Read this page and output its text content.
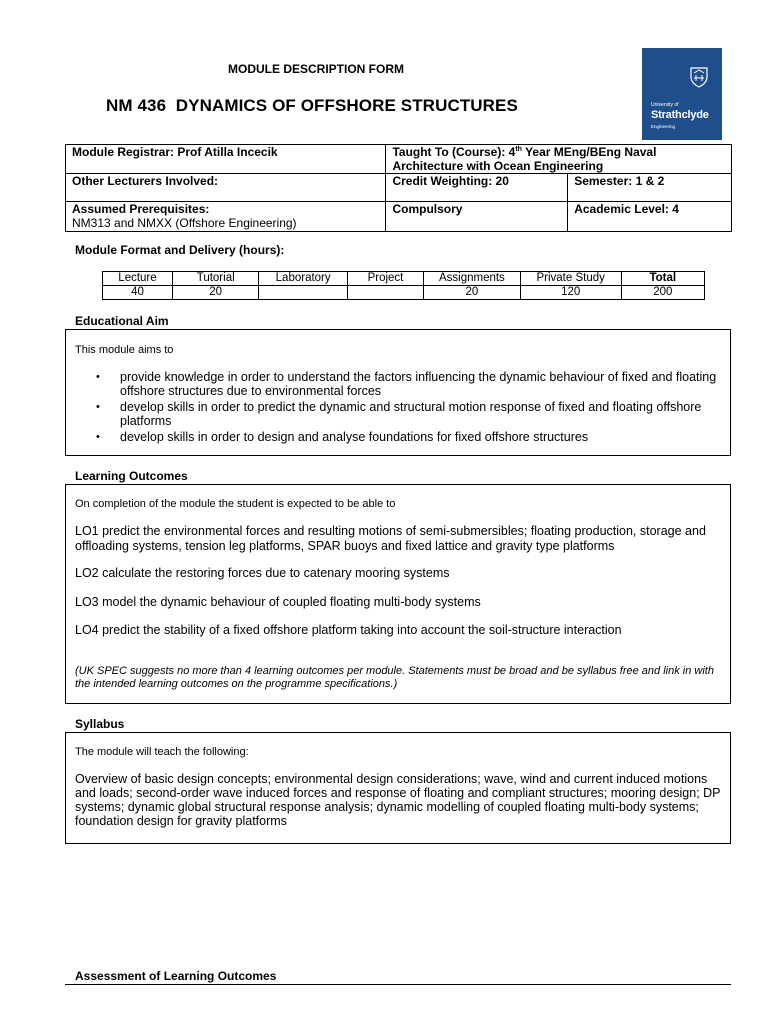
MODULE DESCRIPTION FORM
NM 436  DYNAMICS OF OFFSHORE STRUCTURES	University of
Strathclyde
Engineering
Module Registrar: Prof Atilla Incecik	Taught To (Course): 4th Year MEng/BEng Naval
Architecture with Ocean Engineering	
Other Lecturers Involved:	Credit Weighting: 20	Semester: 1 & 2
Assumed Prerequisites:
NM313 and NMXX (Offshore Engineering)	Compulsory	Academic Level: 4
Module Format and Delivery (hours):
Lecture	Tutorial	Laboratory	Project	Assignments	Private Study	Total
40	20			20	120	200
Educational Aim
This module aims to
• provide knowledge in order to understand the factors influencing the dynamic behaviour of fixed and floating offshore structures due to environmental forces
• develop skills in order to predict the dynamic and structural motion response of fixed and floating offshore platforms
• develop skills in order to design and analyse foundations for fixed offshore structures
Learning Outcomes
On completion of the module the student is expected to be able to
LO1 predict the environmental forces and resulting motions of semi-submersibles; floating production, storage and offloading systems, tension leg platforms, SPAR buoys and fixed lattice and gravity type platforms
LO2 calculate the restoring forces due to catenary mooring systems
LO3 model the dynamic behaviour of coupled floating multi-body systems
LO4 predict the stability of a fixed offshore platform taking into account the soil-structure interaction
(UK SPEC suggests no more than 4 learning outcomes per module. Statements must be broad and be syllabus free and link in with the intended learning outcomes on the programme specifications.)
Syllabus
The module will teach the following:
Overview of basic design concepts; environmental design considerations; wave, wind and current induced motions and loads; second-order wave induced forces and response of floating and compliant structures; mooring design; DP systems; dynamic global structural response analysis; dynamic modelling of coupled floating multi-body systems; foundation design for gravity platforms
Assessment of Learning Outcomes
